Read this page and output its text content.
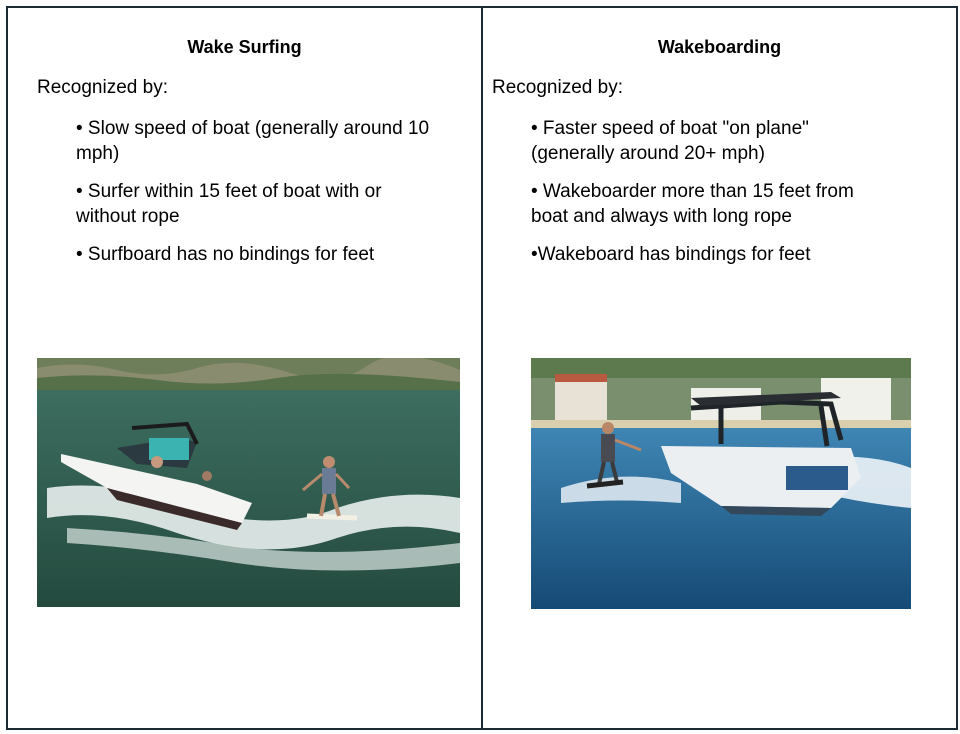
Wake Surfing
Recognized by:
• Slow speed of boat (generally around 10 mph)
• Surfer within 15 feet of boat with or without rope
• Surfboard has no bindings for feet
Wakeboarding
Recognized by:
• Faster speed of boat "on plane" (generally around 20+ mph)
• Wakeboarder more than 15 feet from boat and always with long rope
•Wakeboard has bindings for feet
